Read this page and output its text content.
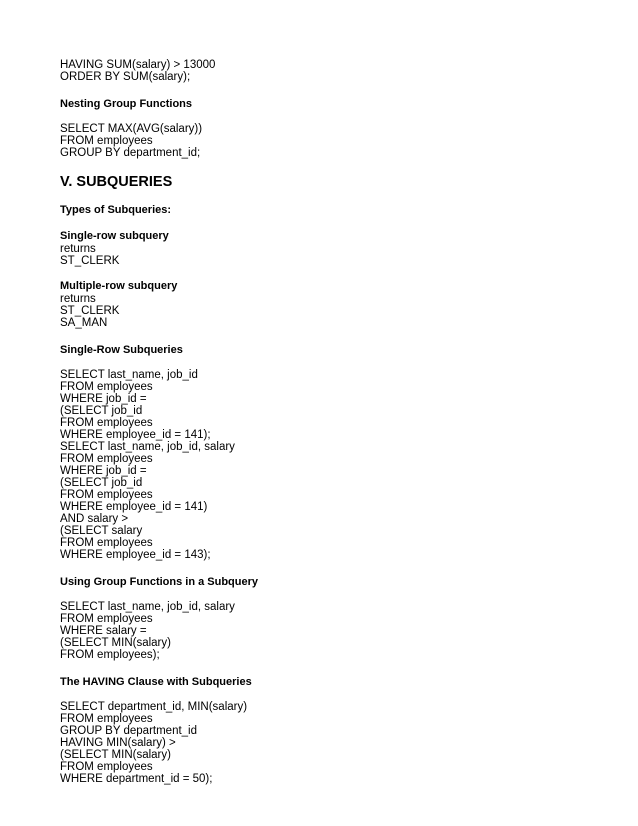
HAVING SUM(salary) > 13000
ORDER BY SUM(salary);
Nesting Group Functions
SELECT MAX(AVG(salary))
FROM employees
GROUP BY department_id;
V. SUBQUERIES
Types of Subqueries:
Single-row subquery
returns
ST_CLERK
Multiple-row subquery
returns
ST_CLERK
SA_MAN
Single-Row Subqueries
SELECT last_name, job_id
FROM employees
WHERE job_id =
(SELECT job_id
FROM employees
WHERE employee_id = 141);
SELECT last_name, job_id, salary
FROM employees
WHERE job_id =
(SELECT job_id
FROM employees
WHERE employee_id = 141)
AND salary >
(SELECT salary
FROM employees
WHERE employee_id = 143);
Using Group Functions in a Subquery
SELECT last_name, job_id, salary
FROM employees
WHERE salary =
(SELECT MIN(salary)
FROM employees);
The HAVING Clause with Subqueries
SELECT department_id, MIN(salary)
FROM employees
GROUP BY department_id
HAVING MIN(salary) >
(SELECT MIN(salary)
FROM employees
WHERE department_id = 50);
